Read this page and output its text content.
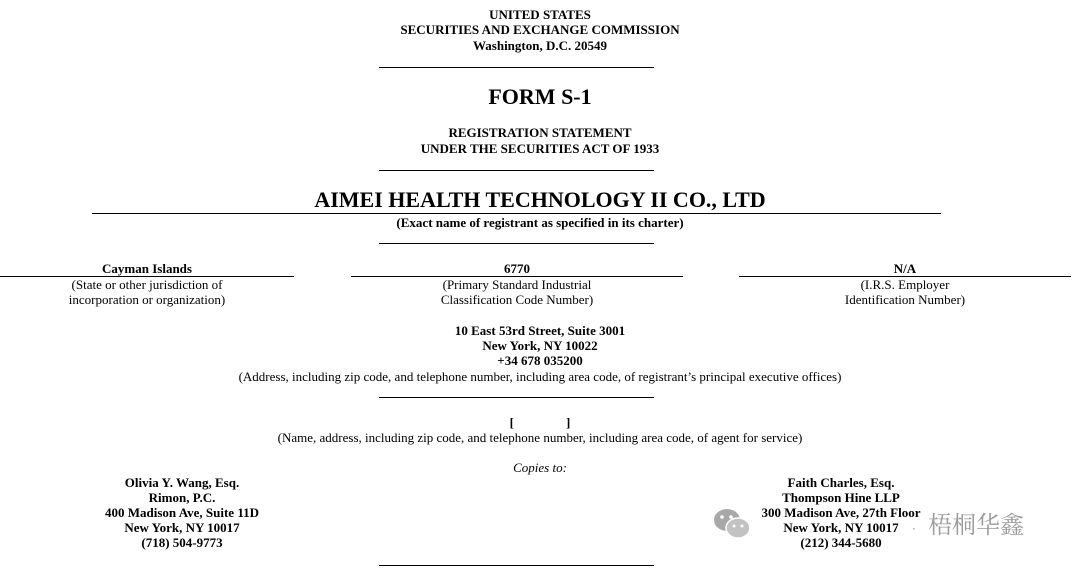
UNITED STATES
SECURITIES AND EXCHANGE COMMISSION
Washington, D.C. 20549
FORM S-1
REGISTRATION STATEMENT
UNDER THE SECURITIES ACT OF 1933
AIMEI HEALTH TECHNOLOGY II CO., LTD
(Exact name of registrant as specified in its charter)
Cayman Islands
(State or other jurisdiction of
incorporation or organization)
6770
(Primary Standard Industrial
Classification Code Number)
N/A
(I.R.S. Employer
Identification Number)
10 East 53rd Street, Suite 3001
New York, NY 10022
+34 678 035200
(Address, including zip code, and telephone number, including area code, of registrant’s principal executive offices)
[                ]
(Name, address, including zip code, and telephone number, including area code, of agent for service)
Copies to:
Olivia Y. Wang, Esq.
Rimon, P.C.
400 Madison Ave, Suite 11D
New York, NY 10017
(718) 504-9773
Faith Charles, Esq.
Thompson Hine LLP
300 Madison Ave, 27th Floor
New York, NY 10017
(212) 344-5680
· 梧桐华鑫
